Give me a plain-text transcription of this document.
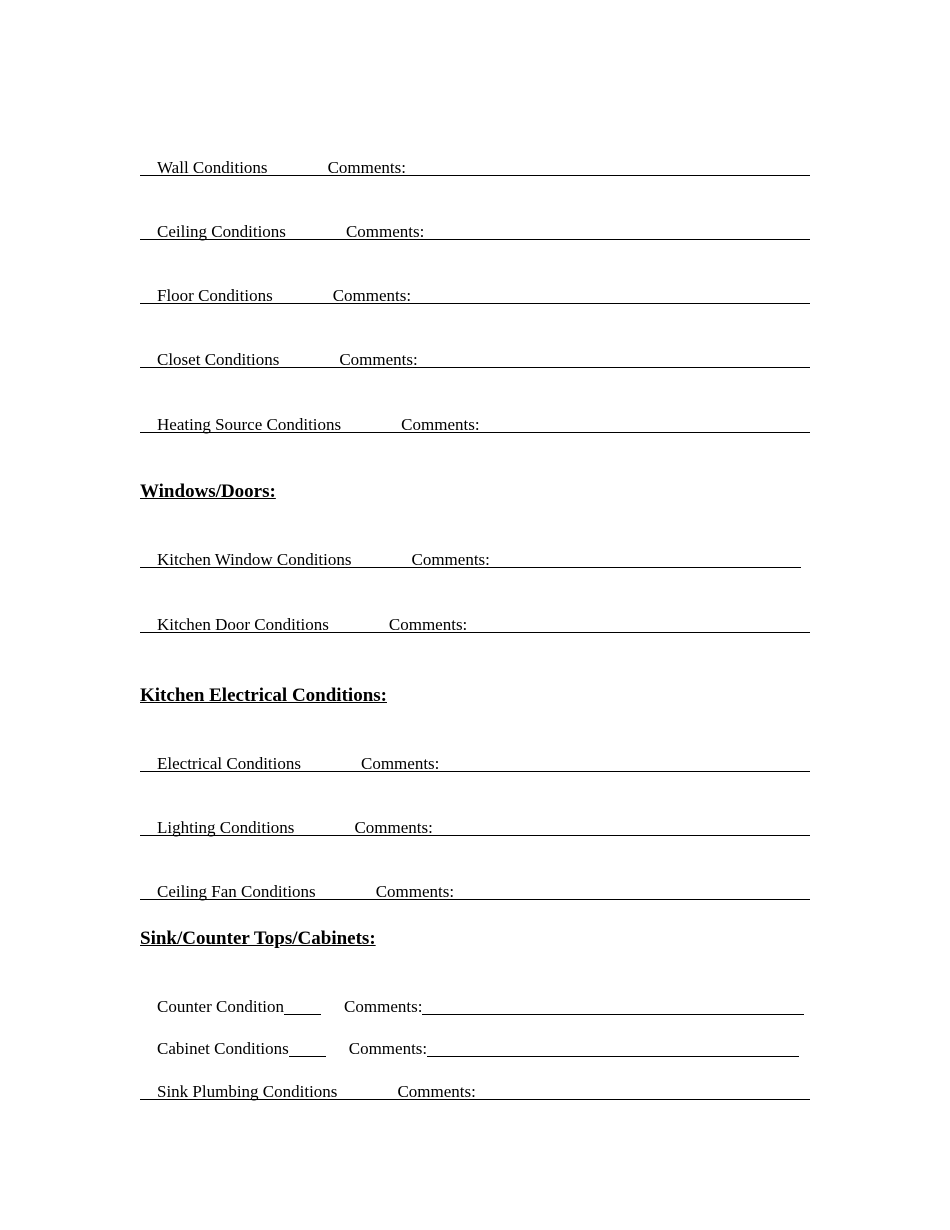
Wall Conditions	Comments:

Ceiling Conditions	Comments:

Floor Conditions	Comments:

Closet Conditions	Comments:

Heating Source Conditions	Comments:

Windows/Doors:

Kitchen Window Conditions	Comments:

Kitchen Door Conditions	Comments:

Kitchen Electrical Conditions:

Electrical Conditions	Comments:

Lighting Conditions	Comments:

Ceiling Fan Conditions	Comments:

Sink/Counter Tops/Cabinets:

Counter Condition	Comments:

Cabinet Conditions	Comments:

Sink Plumbing Conditions	Comments:
